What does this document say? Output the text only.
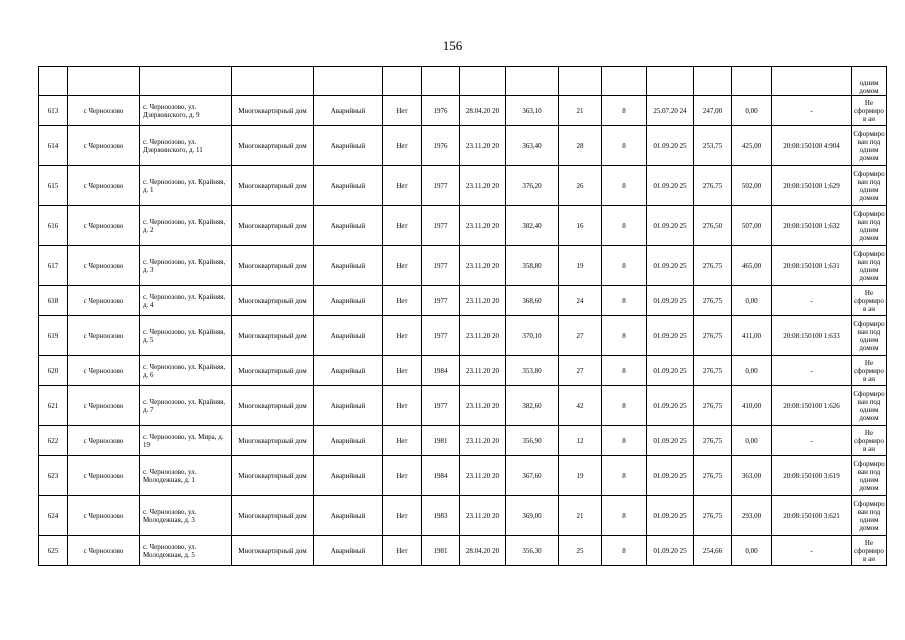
156
															одним домом
613	с Черноозово	с. Черноозово, ул. Дзержинского, д. 9	Многоквартирный дом	Аварийный	Нет	1976	28.04.20 20	363,10	21	8	25.07.20 24	247,00	0,00	-	Не сформиров ан
614	с Черноозово	с. Черноозово, ул. Дзержинского, д. 11	Многоквартирный дом	Аварийный	Нет	1976	23.11.20 20	363,40	28	8	01.09.20 25	253,75	425,00	20:08:150100 4:904	Сформиро ван под одним домом
615	с Черноозово	с. Черноозово, ул. Крайняя, д. 1	Многоквартирный дом	Аварийный	Нет	1977	23.11.20 20	376,20	26	8	01.09.20 25	276,75	502,00	20:08:150100 1:629	Сформиро ван под одним домом
616	с Черноозово	с. Черноозово, ул. Крайняя, д. 2	Многоквартирный дом	Аварийный	Нет	1977	23.11.20 20	382,40	16	8	01.09.20 25	276,50	507,00	20:08:150100 1:632	Сформиро ван под одним домом
617	с Черноозово	с. Черноозово, ул. Крайняя, д. 3	Многоквартирный дом	Аварийный	Нет	1977	23.11.20 20	358,80	19	8	01.09.20 25	276,75	465,00	20:08:150100 1:631	Сформиро ван под одним домом
618	с Черноозово	с. Черноозово, ул. Крайняя, д. 4	Многоквартирный дом	Аварийный	Нет	1977	23.11.20 20	368,60	24	8	01.09.20 25	276,75	0,00	-	Не сформиров ан
619	с Черноозово	с. Черноозово, ул. Крайняя, д. 5	Многоквартирный дом	Аварийный	Нет	1977	23.11.20 20	370,10	27	8	01.09.20 25	276,75	411,00	20:08:150100 1:633	Сформиро ван под одним домом
620	с Черноозово	с. Черноозово, ул. Крайняя, д. 6	Многоквартирный дом	Аварийный	Нет	1984	23.11.20 20	353,80	27	8	01.09.20 25	276,75	0,00	-	Не сформиров ан
621	с Черноозово	с. Черноозово, ул. Крайняя, д. 7	Многоквартирный дом	Аварийный	Нет	1977	23.11.20 20	382,60	42	8	01.09.20 25	276,75	410,00	20:08:150100 1:626	Сформиро ван под одним домом
622	с Черноозово	с. Черноозово, ул. Мира, д. 19	Многоквартирный дом	Аварийный	Нет	1981	23.11.20 20	356,90	12	8	01.09.20 25	276,75	0,00	-	Не сформиров ан
623	с Черноозово	с. Черноозово, ул. Молодежная, д. 1	Многоквартирный дом	Аварийный	Нет	1984	23.11.20 20	367,60	19	8	01.09.20 25	276,75	363,00	20:08:150100 3:619	Сформиро ван под одним домом
624	с Черноозово	с. Черноозово, ул. Молодежная, д. 3	Многоквартирный дом	Аварийный	Нет	1983	23.11.20 20	369,00	21	8	01.09.20 25	276,75	293,00	20:08:150100 3:621	Сформиро ван под одним домом
625	с Черноозово	с. Черноозово, ул. Молодежная, д. 5	Многоквартирный дом	Аварийный	Нет	1981	28.04.20 20	356,30	25	8	01.09.20 25	254,66	0,00	-	Не сформиров ан
